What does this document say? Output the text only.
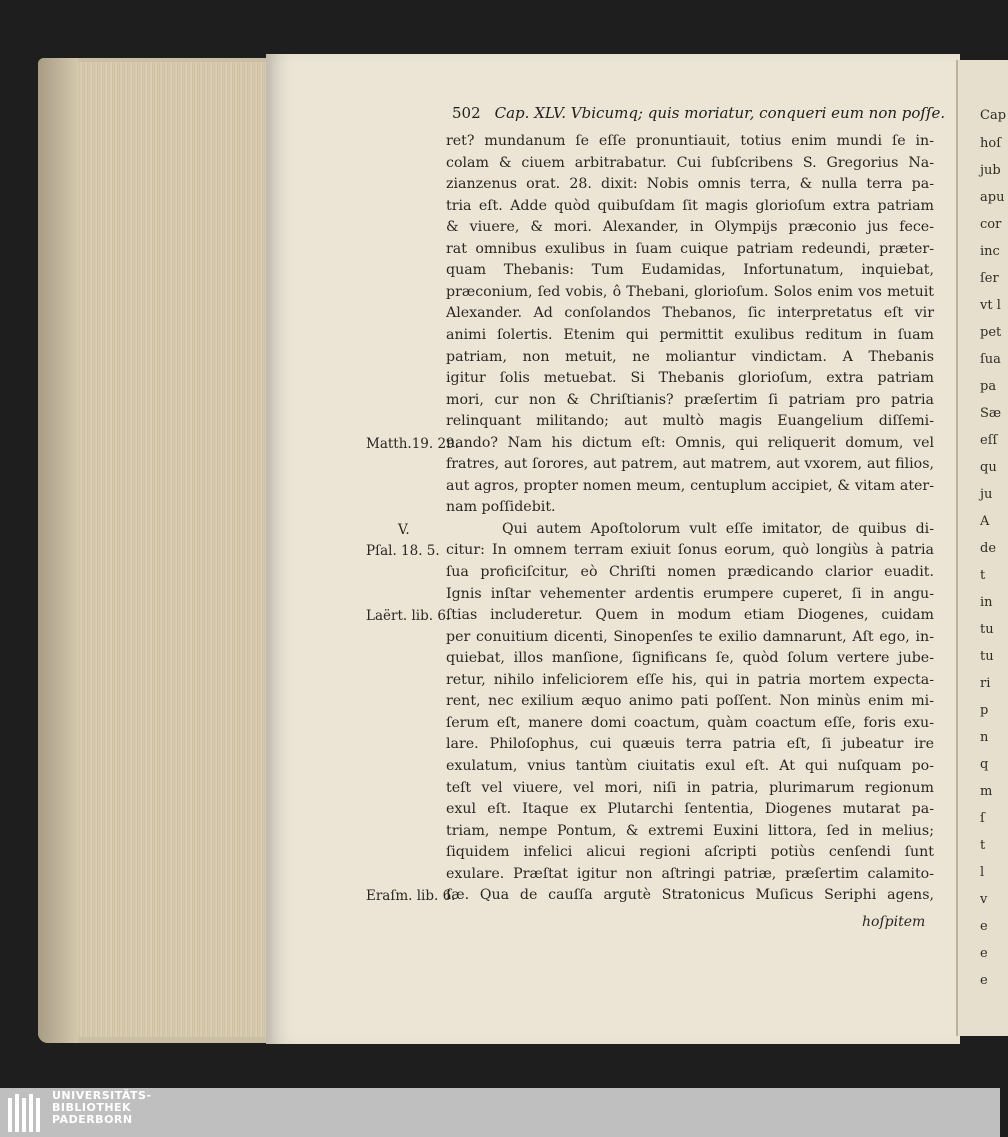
Cap
hoſ
jub
apu
cor
inc
ſer
vt l
pet
ſua
pa
Sæ
eſſ
qu
ju
A
de
t
in
tu
tu
ri
p
n
q
m
ſ
t
l
v
e
e
e
502 Cap. XLV. Vbicumq; quis moriatur, conqueri eum non poſſe.
ret? mundanum ſe eſſe pronuntiauit, totius enim mundi ſe in-
colam & ciuem arbitrabatur. Cui ſubſcribens S. Gregorius Na-
zianzenus orat. 28. dixit: Nobis omnis terra, & nulla terra pa-
tria eſt. Adde quòd quibuſdam ſit magis glorioſum extra patriam
& viuere, & mori. Alexander, in Olympijs præconio jus fece-
rat omnibus exulibus in ſuam cuique patriam redeundi, præter-
quam Thebanis: Tum Eudamidas, Infortunatum, inquiebat,
præconium, ſed vobis, ô Thebani, glorioſum. Solos enim vos metuit
Alexander. Ad conſolandos Thebanos, ſic interpretatus eſt vir
animi ſolertis. Etenim qui permittit exulibus reditum in ſuam
patriam, non metuit, ne moliantur vindictam. A Thebanis
igitur ſolis metuebat. Si Thebanis glorioſum, extra patriam
mori, cur non & Chriſtianis? præſertim ſi patriam pro patria
relinquant militando; aut multò magis Euangelium diſſemi-
nando? Nam his dictum eſt: Omnis, qui reliquerit domum, vel
fratres, aut ſorores, aut patrem, aut matrem, aut vxorem, aut filios,
aut agros, propter nomen meum, centuplum accipiet, & vitam ater-
nam poſſidebit.
Qui autem Apoſtolorum vult eſſe imitator, de quibus di-
citur: In omnem terram exiuit ſonus eorum, quò longiùs à patria
ſua proficiſcitur, eò Chriſti nomen prædicando clarior euadit.
Ignis inſtar vehementer ardentis erumpere cuperet, ſi in angu-
ſtias includeretur. Quem in modum etiam Diogenes, cuidam
per conuitium dicenti, Sinopenſes te exilio damnarunt, Aſt ego, in-
quiebat, illos manſione, ſignificans ſe, quòd ſolum vertere jube-
retur, nihilo infeliciorem eſſe his, qui in patria mortem expecta-
rent, nec exilium æquo animo pati poſſent. Non minùs enim mi-
ſerum eſt, manere domi coactum, quàm coactum eſſe, foris exu-
lare. Philoſophus, cui quæuis terra patria eſt, ſi jubeatur ire
exulatum, vnius tantùm ciuitatis exul eſt. At qui nuſquam po-
teſt vel viuere, vel mori, niſi in patria, plurimarum regionum
exul eſt. Itaque ex Plutarchi ſententia, Diogenes mutarat pa-
triam, nempe Pontum, & extremi Euxini littora, ſed in melius;
ſiquidem infelici alicui regioni aſcripti potiùs cenſendi ſunt
exulare. Præſtat igitur non aſtringi patriæ, præſertim calamito-
ſæ. Qua de cauſſa argutè Stratonicus Muſicus Seriphi agens,
Matth.19. 29.
V.
Pſal. 18. 5.
Laërt. lib. 6.
Eraſm. lib. 6.
hoſpitem
UNIVERSITÄTS-
BIBLIOTHEK
PADERBORN
